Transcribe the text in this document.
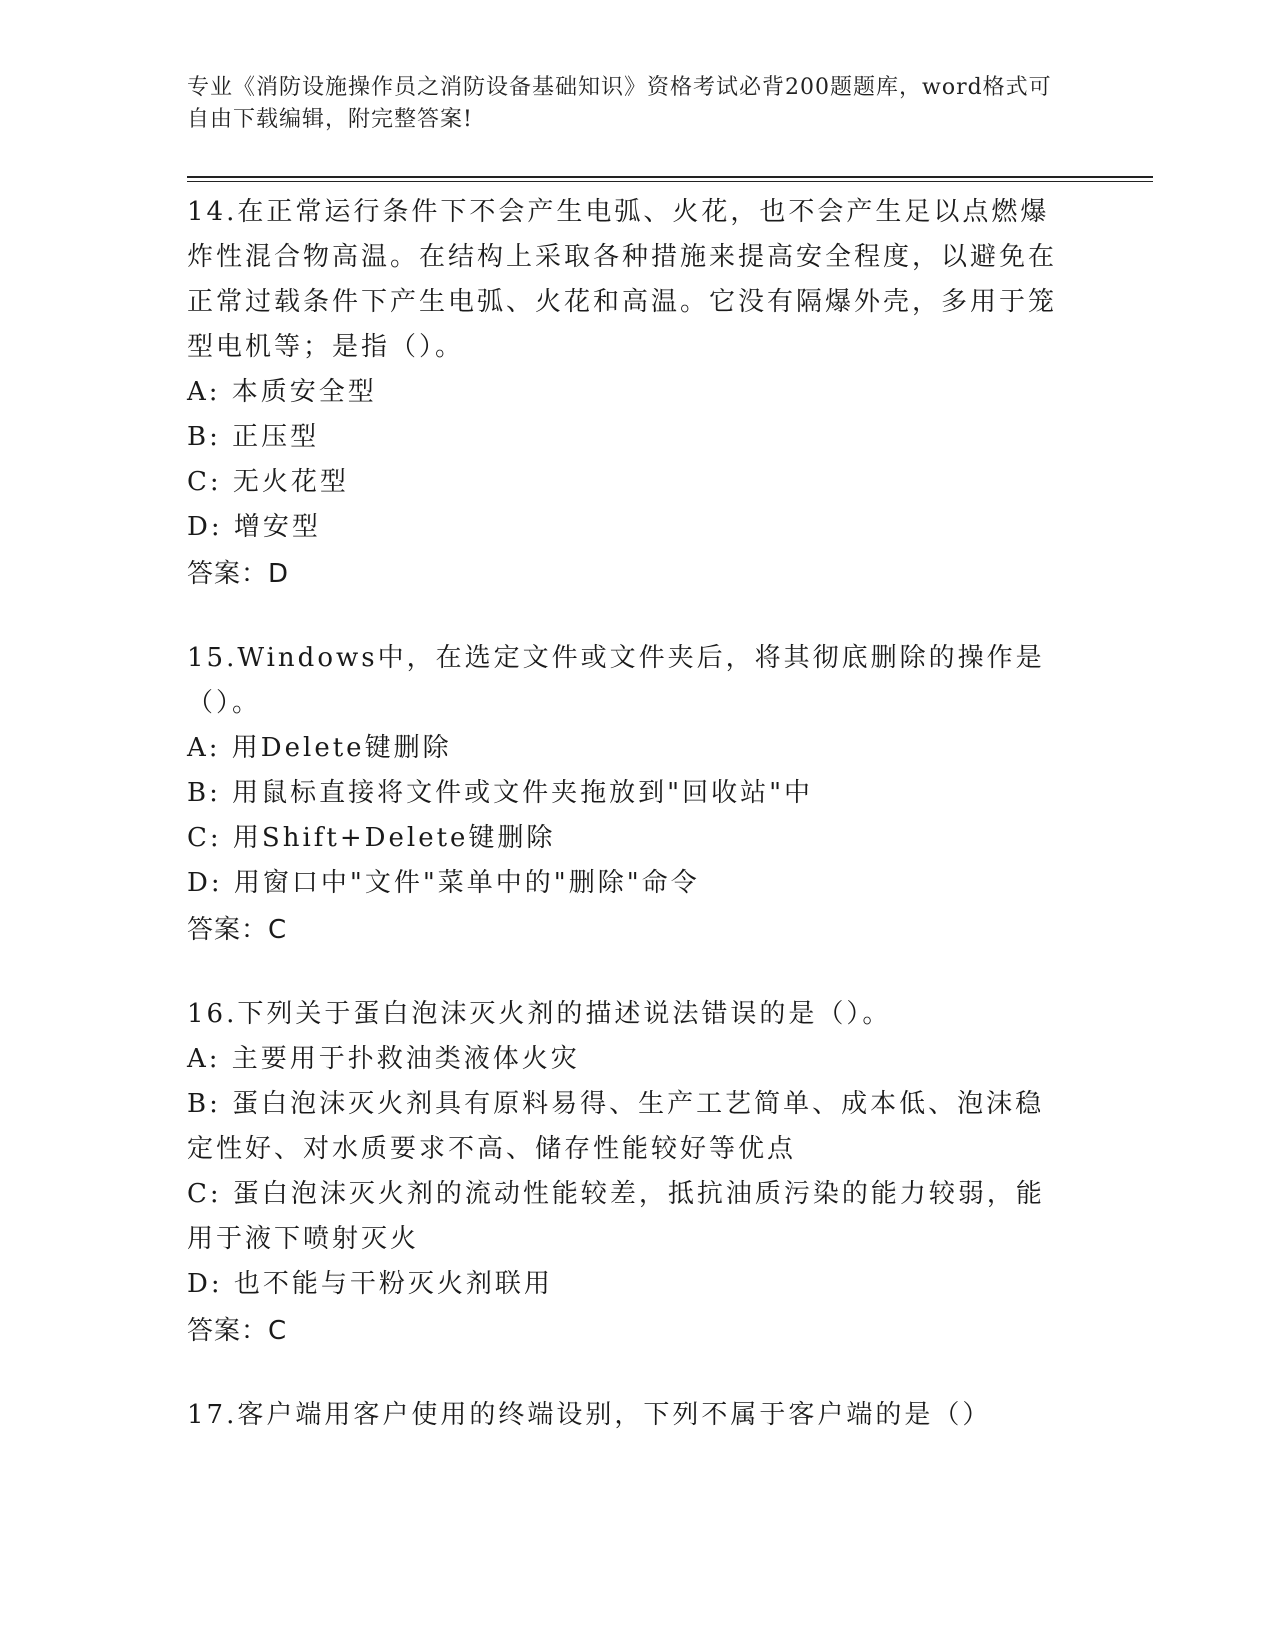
专业《消防设施操作员之消防设备基础知识》资格考试必背200题题库，word格式可自由下载编辑，附完整答案!

14.在正常运行条件下不会产生电弧、火花，也不会产生足以点燃爆炸性混合物高温。在结构上采取各种措施来提高安全程度，以避免在正常过载条件下产生电弧、火花和高温。它没有隔爆外壳，多用于笼型电机等；是指（）。

A: 本质安全型

B: 正压型

C: 无火花型

D: 增安型

答案：D

15.Windows中，在选定文件或文件夹后，将其彻底删除的操作是（）。

A: 用Delete键删除

B: 用鼠标直接将文件或文件夹拖放到"回收站"中

C: 用Shift+Delete键删除

D: 用窗口中"文件"菜单中的"删除"命令

答案：C

16.下列关于蛋白泡沫灭火剂的描述说法错误的是（）。

A: 主要用于扑救油类液体火灾

B: 蛋白泡沫灭火剂具有原料易得、生产工艺简单、成本低、泡沫稳定性好、对水质要求不高、储存性能较好等优点

C: 蛋白泡沫灭火剂的流动性能较差，抵抗油质污染的能力较弱，能用于液下喷射灭火

D: 也不能与干粉灭火剂联用

答案：C

17.客户端用客户使用的终端设别，下列不属于客户端的是（）
